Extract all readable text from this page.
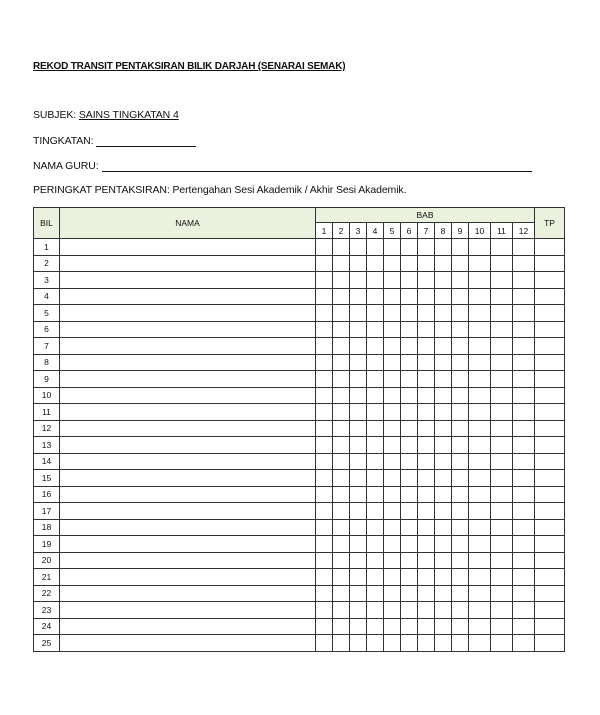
REKOD TRANSIT PENTAKSIRAN BILIK DARJAH (SENARAI SEMAK)
SUBJEK: SAINS TINGKATAN 4
TINGKATAN:
NAMA GURU:
PERINGKAT PENTAKSIRAN: Pertengahan Sesi Akademik / Akhir Sesi Akademik.
BIL	NAMA	BAB												TP
		1	2	3	4	5	6	7	8	9	10	11	12	
1														
2														
3														
4														
5														
6														
7														
8														
9														
10														
11														
12														
13														
14														
15														
16														
17														
18														
19														
20														
21														
22														
23														
24														
25														
